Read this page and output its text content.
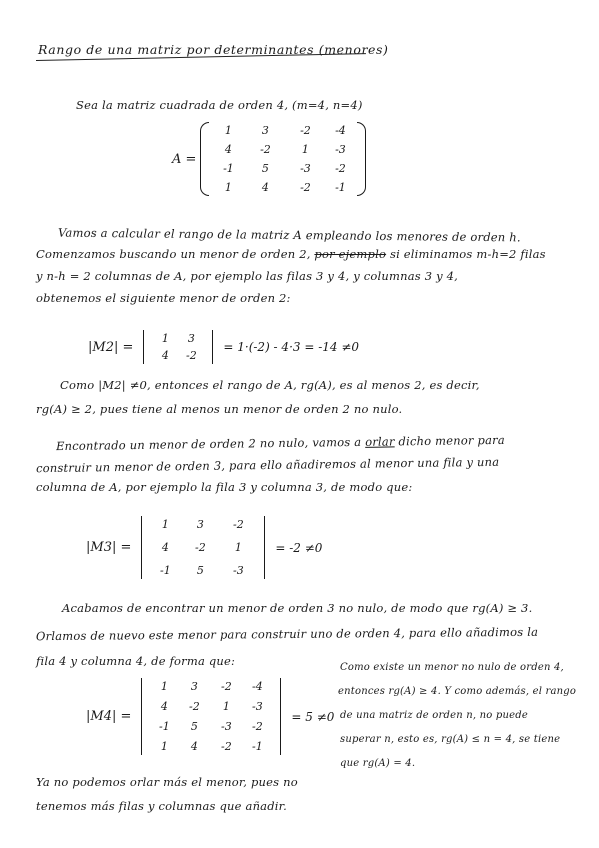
Rango de una matriz por determinantes (menores)
Sea la matriz cuadrada de orden 4, (m=4, n=4)
A =
1	3	-2	-4
4	-2	1	-3
-1	5	-3	-2
1	4	-2	-1
Vamos a calcular el rango de la matriz A empleando los menores de orden h.
Comenzamos buscando un menor de orden 2, por ejemplo si eliminamos m-h=2 filas
y n-h = 2 columnas de A, por ejemplo las filas 3 y 4, y columnas 3 y 4,
obtenemos el siguiente menor de orden 2:
|M2| =
1	3
4	-2
= 1·(-2) - 4·3 = -14 ≠0
Como |M2| ≠0, entonces el rango de A, rg(A), es al menos 2, es decir,
rg(A) ≥ 2, pues tiene al menos un menor de orden 2 no nulo.
Encontrado un menor de orden 2 no nulo, vamos a orlar dicho menor para
construir un menor de orden 3, para ello añadiremos al menor una fila y una
columna de A, por ejemplo la fila 3 y columna 3, de modo que:
|M3| =
1	3	-2
4	-2	1
-1	5	-3
= -2 ≠0
Acabamos de encontrar un menor de orden 3 no nulo, de modo que rg(A) ≥ 3.
Orlamos de nuevo este menor para construir uno de orden 4, para ello añadimos la
fila 4 y columna 4, de forma que:
|M4| =
1	3	-2	-4
4	-2	1	-3
-1	5	-3	-2
1	4	-2	-1
= 5 ≠0
Como existe un menor no nulo de orden 4,
entonces rg(A) ≥ 4. Y como además, el rango
de una matriz de orden n, no puede
superar n, esto es, rg(A) ≤ n = 4, se tiene
que rg(A) = 4.
Ya no podemos orlar más el menor, pues no
tenemos más filas y columnas que añadir.
